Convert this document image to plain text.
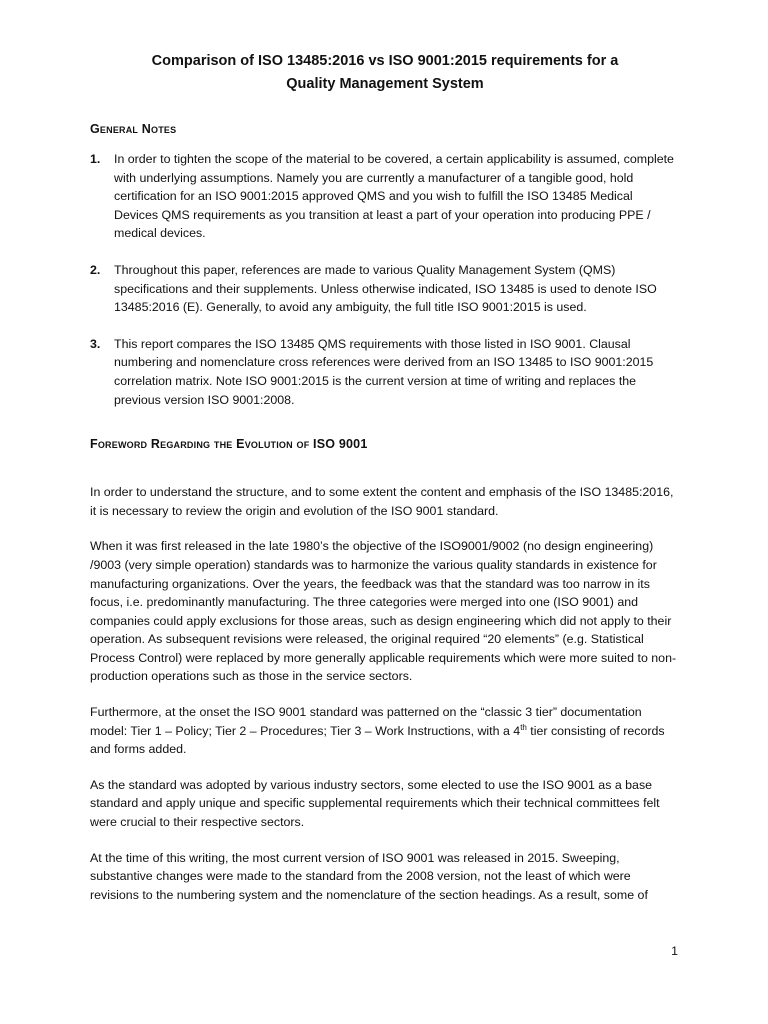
Comparison of ISO 13485:2016 vs ISO 9001:2015 requirements for a
Quality Management System
General Notes
1.	In order to tighten the scope of the material to be covered, a certain applicability is assumed, complete with underlying assumptions. Namely you are currently a manufacturer of a tangible good, hold certification for an ISO 9001:2015 approved QMS and you wish to fulfill the ISO 13485 Medical Devices QMS requirements as you transition at least a part of your operation into producing PPE / medical devices.
2.	Throughout this paper, references are made to various Quality Management System (QMS) specifications and their supplements. Unless otherwise indicated, ISO 13485 is used to denote ISO 13485:2016 (E). Generally, to avoid any ambiguity, the full title ISO 9001:2015 is used.
3.	This report compares the ISO 13485 QMS requirements with those listed in ISO 9001. Clausal numbering and nomenclature cross references were derived from an ISO 13485 to ISO 9001:2015 correlation matrix. Note ISO 9001:2015 is the current version at time of writing and replaces the previous version ISO 9001:2008.
Foreword Regarding the Evolution of ISO 9001

In order to understand the structure, and to some extent the content and emphasis of the ISO 13485:2016, it is necessary to review the origin and evolution of the ISO 9001 standard.

When it was first released in the late 1980’s the objective of the ISO9001/9002 (no design engineering) /9003 (very simple operation) standards was to harmonize the various quality standards in existence for manufacturing organizations. Over the years, the feedback was that the standard was too narrow in its focus, i.e. predominantly manufacturing. The three categories were merged into one (ISO 9001) and companies could apply exclusions for those areas, such as design engineering which did not apply to their operation. As subsequent revisions were released, the original required “20 elements” (e.g. Statistical Process Control) were replaced by more generally applicable requirements which were more suited to non-production operations such as those in the service sectors.

Furthermore, at the onset the ISO 9001 standard was patterned on the “classic 3 tier” documentation model: Tier 1 – Policy; Tier 2 – Procedures; Tier 3 – Work Instructions, with a 4th tier consisting of records and forms added.

As the standard was adopted by various industry sectors, some elected to use the ISO 9001 as a base standard and apply unique and specific supplemental requirements which their technical committees felt were crucial to their respective sectors.

At the time of this writing, the most current version of ISO 9001 was released in 2015. Sweeping, substantive changes were made to the standard from the 2008 version, not the least of which were revisions to the numbering system and the nomenclature of the section headings. As a result, some of

1
